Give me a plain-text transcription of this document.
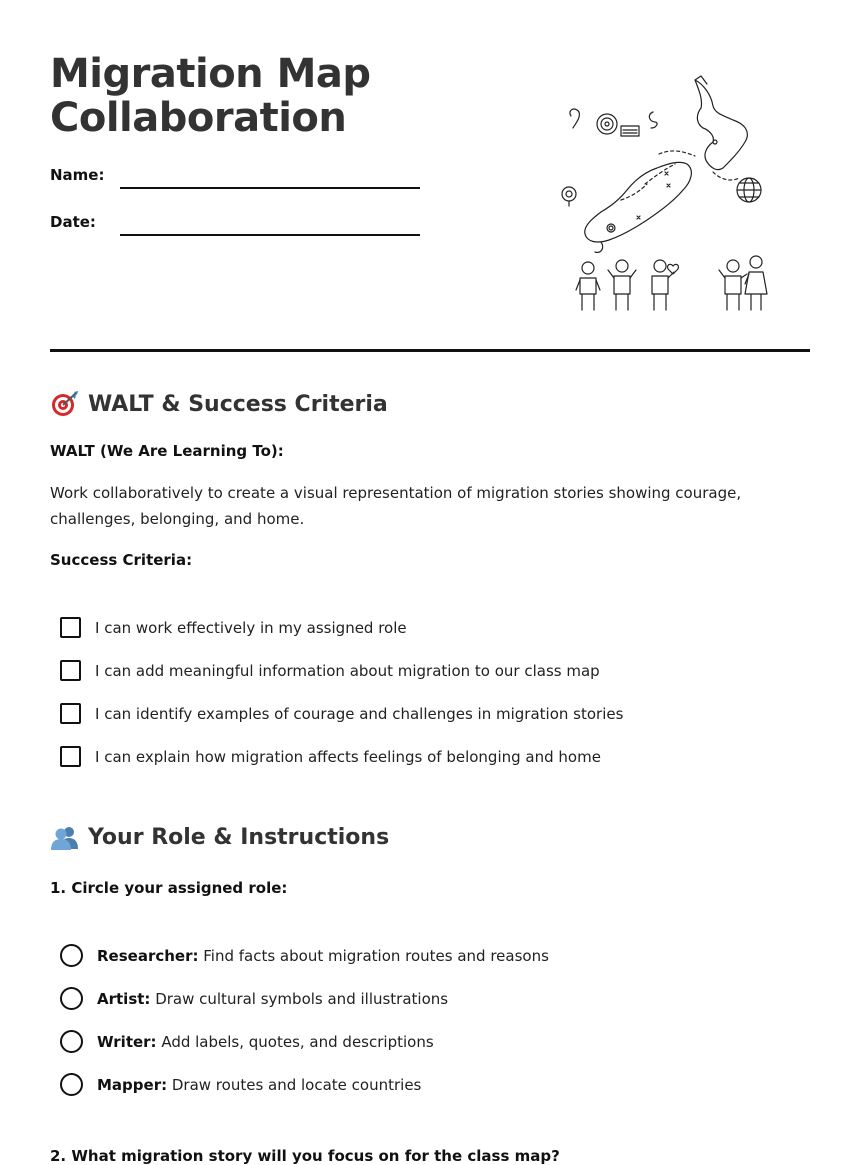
Migration Map
Collaboration
Name:
Date:
WALT & Success Criteria
WALT (We Are Learning To):
Work collaboratively to create a visual representation of migration stories showing courage, challenges, belonging, and home.
Success Criteria:
I can work effectively in my assigned role
I can add meaningful information about migration to our class map
I can identify examples of courage and challenges in migration stories
I can explain how migration affects feelings of belonging and home
Your Role & Instructions
1. Circle your assigned role:
Researcher: Find facts about migration routes and reasons
Artist: Draw cultural symbols and illustrations
Writer: Add labels, quotes, and descriptions
Mapper: Draw routes and locate countries
2. What migration story will you focus on for the class map?
